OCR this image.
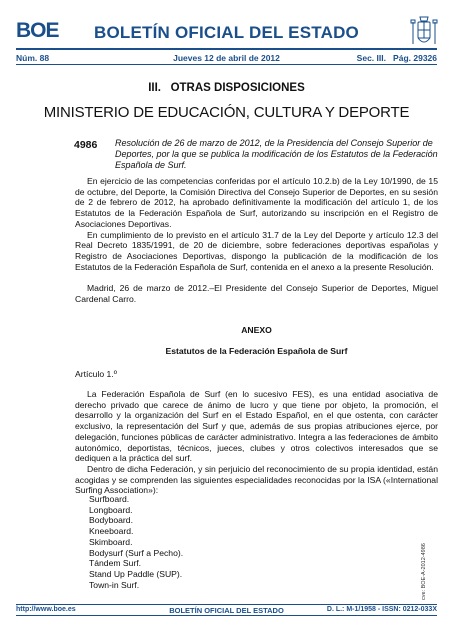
BOE	BOLETÍN OFICIAL DEL ESTADO
Núm. 88	Jueves 12 de abril de 2012	Sec. III.   Pág. 29326
III.   OTRAS DISPOSICIONES
MINISTERIO DE EDUCACIÓN, CULTURA Y DEPORTE
4986 Resolución de 26 de marzo de 2012, de la Presidencia del Consejo Superior de Deportes, por la que se publica la modificación de los Estatutos de la Federación Española de Surf.

En ejercicio de las competencias conferidas por el artículo 10.2.b) de la Ley 10/1990, de 15 de octubre, del Deporte, la Comisión Directiva del Consejo Superior de Deportes, en su sesión de 2 de febrero de 2012, ha aprobado definitivamente la modificación del artículo 1, de los Estatutos de la Federación Española de Surf, autorizando su inscripción en el Registro de Asociaciones Deportivas.

En cumplimiento de lo previsto en el artículo 31.7 de la Ley del Deporte y artículo 12.3 del Real Decreto 1835/1991, de 20 de diciembre, sobre federaciones deportivas españolas y Registro de Asociaciones Deportivas, dispongo la publicación de la modificación de los Estatutos de la Federación Española de Surf, contenida en el anexo a la presente Resolución.

Madrid, 26 de marzo de 2012.–El Presidente del Consejo Superior de Deportes, Miguel Cardenal Carro.

ANEXO
Estatutos de la Federación Española de Surf
Artículo 1.º

La Federación Española de Surf (en lo sucesivo FES), es una entidad asociativa de derecho privado que carece de ánimo de lucro y que tiene por objeto, la promoción, el desarrollo y la organización del Surf en el Estado Español, en el que ostenta, con carácter exclusivo, la representación del Surf y que, además de sus propias atribuciones ejerce, por delegación, funciones públicas de carácter administrativo. Integra a las federaciones de ámbito autonómico, deportistas, técnicos, jueces, clubes y otros colectivos interesados que se dediquen a la práctica del surf.

Dentro de dicha Federación, y sin perjuicio del reconocimiento de su propia identidad, están acogidas y se comprenden las siguientes especialidades reconocidas por la ISA («International Surfing Association»):

Surfboard.
Longboard.
Bodyboard.
Kneeboard.
Skimboard.
Bodysurf (Surf a Pecho).
Tándem Surf.
Stand Up Paddle (SUP).
Town-in Surf.	cve: BOE-A-2012-4986
http://www.boe.es	BOLETÍN OFICIAL DEL ESTADO	D. L.: M-1/1958 - ISSN: 0212-033X
